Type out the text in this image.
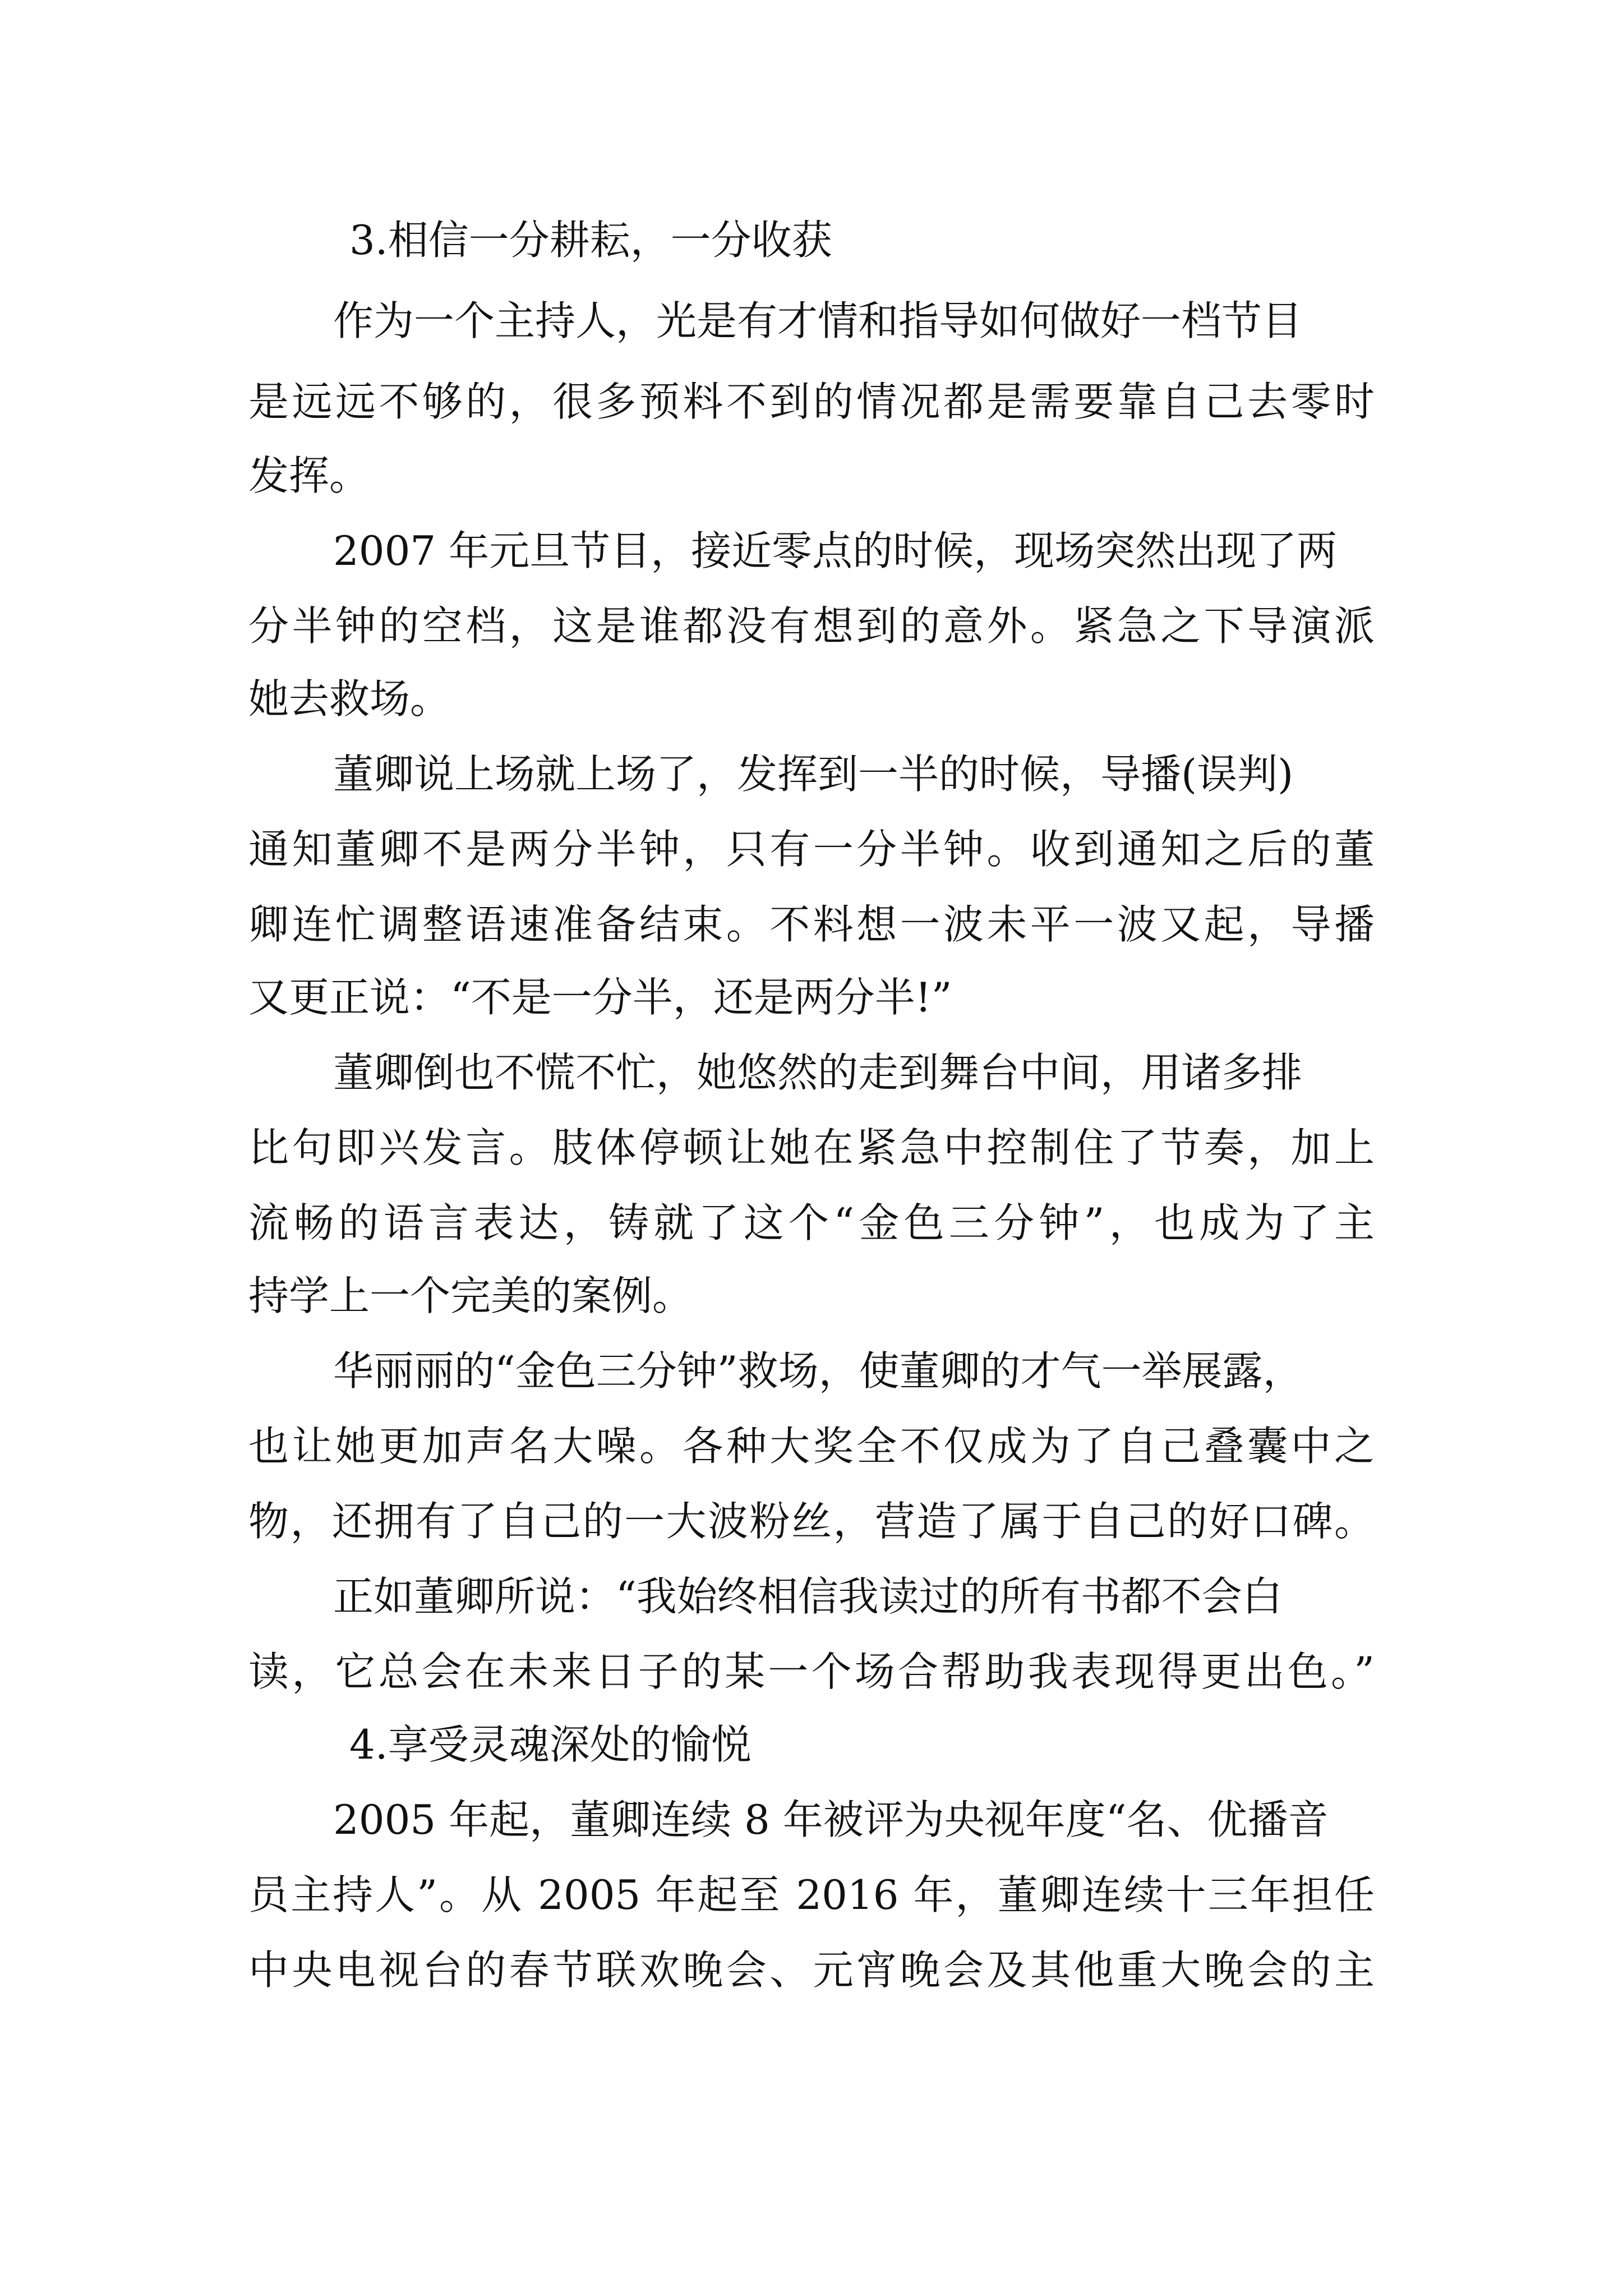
3.相信一分耕耘，一分收获

作为一个主持人，光是有才情和指导如何做好一档节目

是远远不够的，很多预料不到的情况都是需要靠自己去零时

发挥。

2007 年元旦节目，接近零点的时候，现场突然出现了两

分半钟的空档，这是谁都没有想到的意外。紧急之下导演派

她去救场。

董卿说上场就上场了，发挥到一半的时候，导播(误判)

通知董卿不是两分半钟，只有一分半钟。收到通知之后的董

卿连忙调整语速准备结束。不料想一波未平一波又起，导播

又更正说：“不是一分半，还是两分半!”

董卿倒也不慌不忙，她悠然的走到舞台中间，用诸多排

比句即兴发言。肢体停顿让她在紧急中控制住了节奏，加上

流畅的语言表达，铸就了这个“金色三分钟”，也成为了主

持学上一个完美的案例。

华丽丽的“金色三分钟”救场，使董卿的才气一举展露，

也让她更加声名大噪。各种大奖全不仅成为了自己叠囊中之

物，还拥有了自己的一大波粉丝，营造了属于自己的好口碑。

正如董卿所说：“我始终相信我读过的所有书都不会白

读，它总会在未来日子的某一个场合帮助我表现得更出色。”

4.享受灵魂深处的愉悦

2005 年起，董卿连续 8 年被评为央视年度“名、优播音

员主持人”。从 2005 年起至 2016 年，董卿连续十三年担任

中央电视台的春节联欢晚会、元宵晚会及其他重大晚会的主
